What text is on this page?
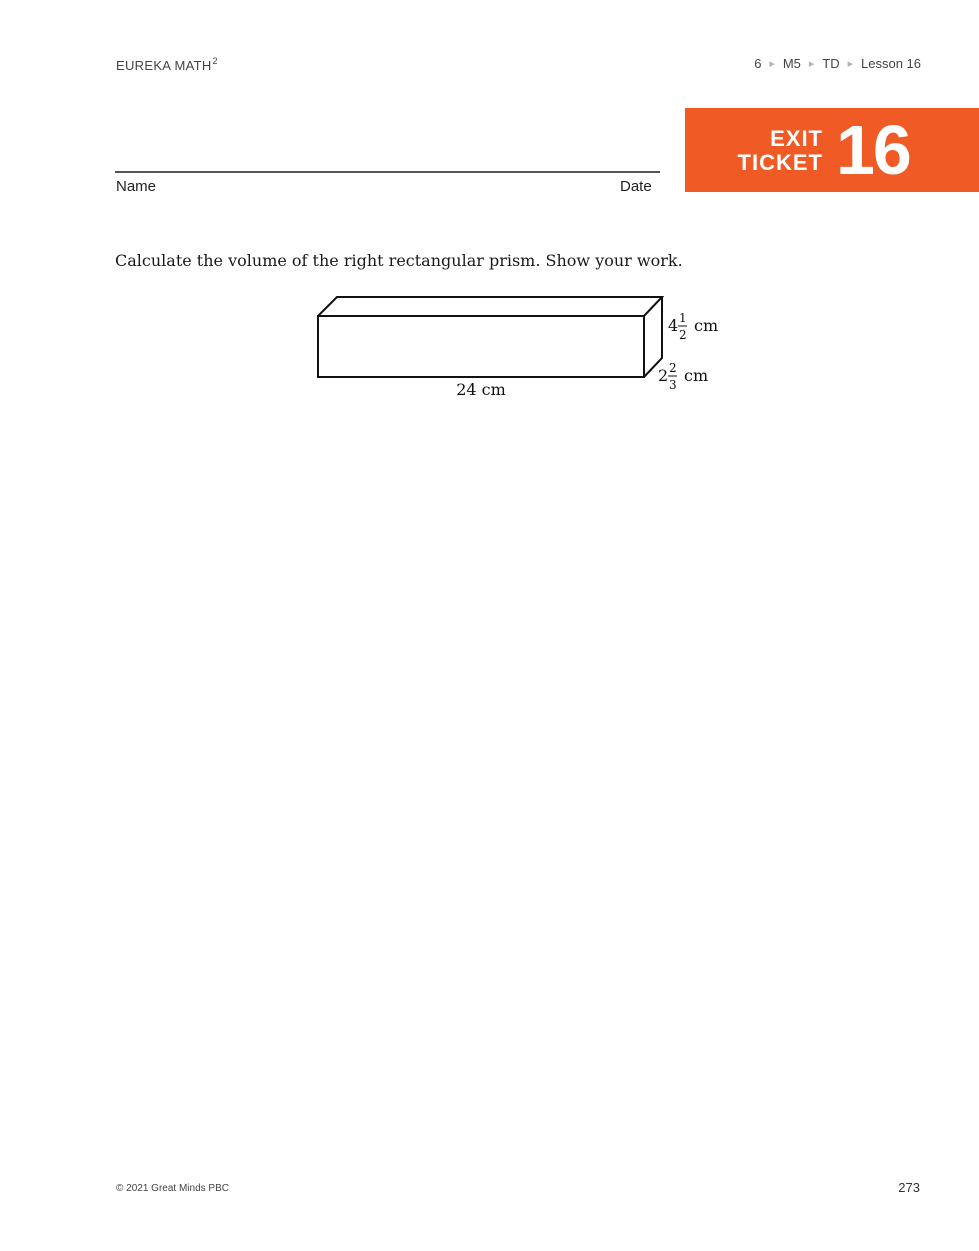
EUREKA MATH$^2$	6 ▶ M5 ▶ TD ▶ Lesson 16
Name	Date
EXIT
TICKET 16
Calculate the volume of the right rectangular prism. Show your work.
24 cm
4 1
2 cm
2 2
3 cm
© 2021 Great Minds PBC	273
